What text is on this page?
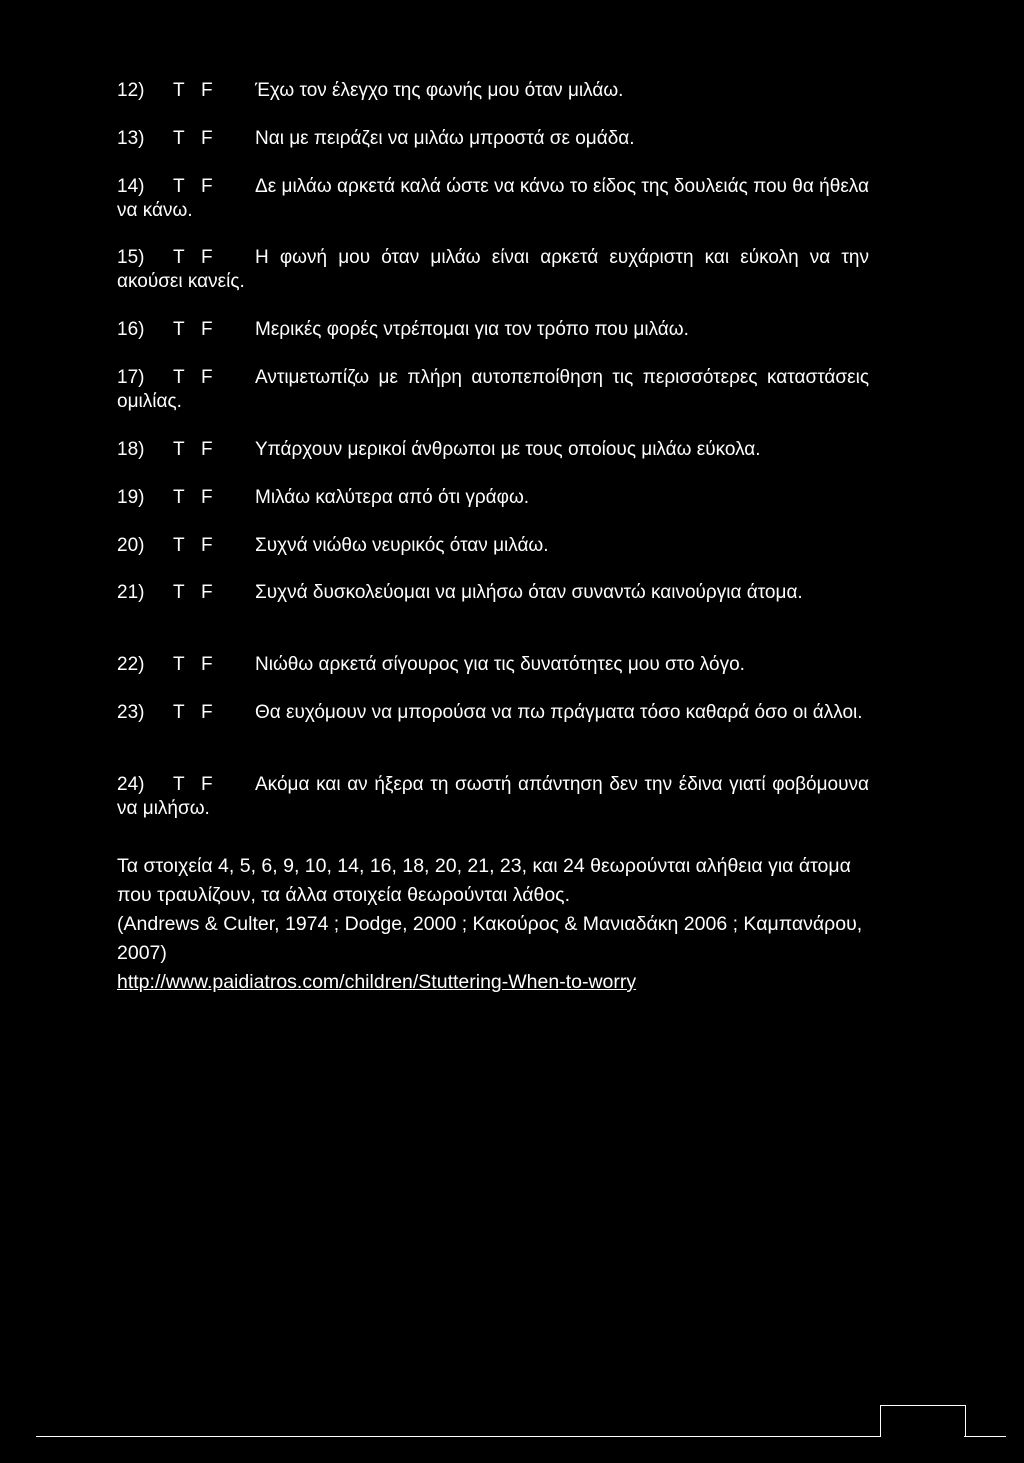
12) T F Έχω τον έλεγχο της φωνής μου όταν μιλάω.
13) T F Ναι με πειράζει να μιλάω μπροστά σε ομάδα.
14) T F Δε μιλάω αρκετά καλά ώστε να κάνω το είδος της δουλειάς που θα ήθελα να κάνω.
15) T F Η φωνή μου όταν μιλάω είναι αρκετά ευχάριστη και εύκολη να την ακούσει κανείς.
16) T F Μερικές φορές ντρέπομαι για τον τρόπο που μιλάω.
17) T F Αντιμετωπίζω με πλήρη αυτοπεποίθηση τις περισσότερες καταστάσεις ομιλίας.
18) T F Υπάρχουν μερικοί άνθρωποι με τους οποίους μιλάω εύκολα.
19) T F Μιλάω καλύτερα από ότι γράφω.
20) T F Συχνά νιώθω νευρικός όταν μιλάω.
21) T F Συχνά δυσκολεύομαι να μιλήσω όταν συναντώ καινούργια άτομα.
22) T F Νιώθω αρκετά σίγουρος για τις δυνατότητες μου στο λόγο.
23) T F Θα ευχόμουν να μπορούσα να πω πράγματα τόσο καθαρά όσο οι άλλοι.
24) T F Ακόμα και αν ήξερα τη σωστή απάντηση δεν την έδινα γιατί φοβόμουνα να μιλήσω.

Τα στοιχεία 4, 5, 6, 9, 10, 14, 16, 18, 20, 21, 23, και 24 θεωρούνται αλήθεια για άτομα που τραυλίζουν, τα άλλα στοιχεία θεωρούνται λάθος.

(Andrews & Culter, 1974 ; Dodge, 2000 ; Κακούρος & Μανιαδάκη 2006 ; Καμπανάρου, 2007)

http://www.paidiatros.com/children/Stuttering-When-to-worry
